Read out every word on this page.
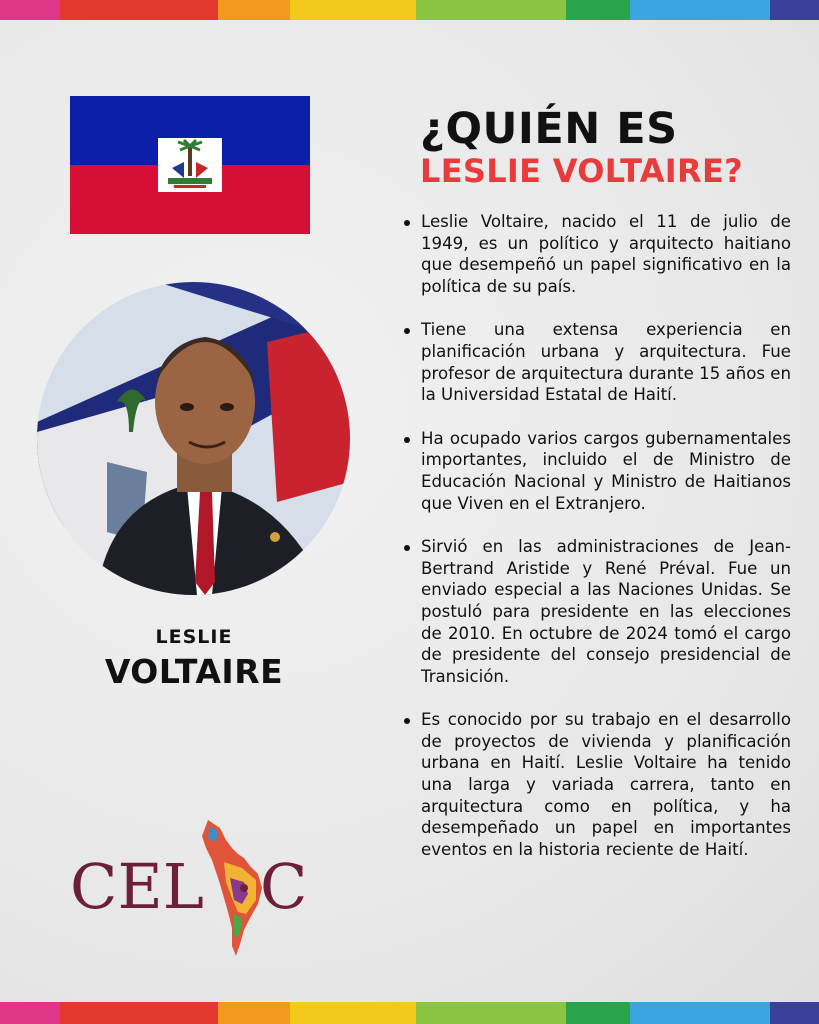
LESLIE
VOLTAIRE
CEL C
¿QUIÉN ES
LESLIE VOLTAIRE?
Leslie Voltaire, nacido el 11 de julio de 1949, es un político y arquitecto haitiano que desempeñó un papel significativo en la política de su país.
Tiene una extensa experiencia en planificación urbana y arquitectura. Fue profesor de arquitectura durante 15 años en la Universidad Estatal de Haití.
Ha ocupado varios cargos gubernamentales importantes, incluido el de Ministro de Educación Nacional y Ministro de Haitianos que Viven en el Extranjero.
Sirvió en las administraciones de Jean-Bertrand Aristide y René Préval. Fue un enviado especial a las Naciones Unidas. Se postuló para presidente en las elecciones de 2010. En octubre de 2024 tomó el cargo de presidente del consejo presidencial de Transición.
Es conocido por su trabajo en el desarrollo de proyectos de vivienda y planificación urbana en Haití. Leslie Voltaire ha tenido una larga y variada carrera, tanto en arquitectura como en política, y ha desempeñado un papel en importantes eventos en la historia reciente de Haití.
